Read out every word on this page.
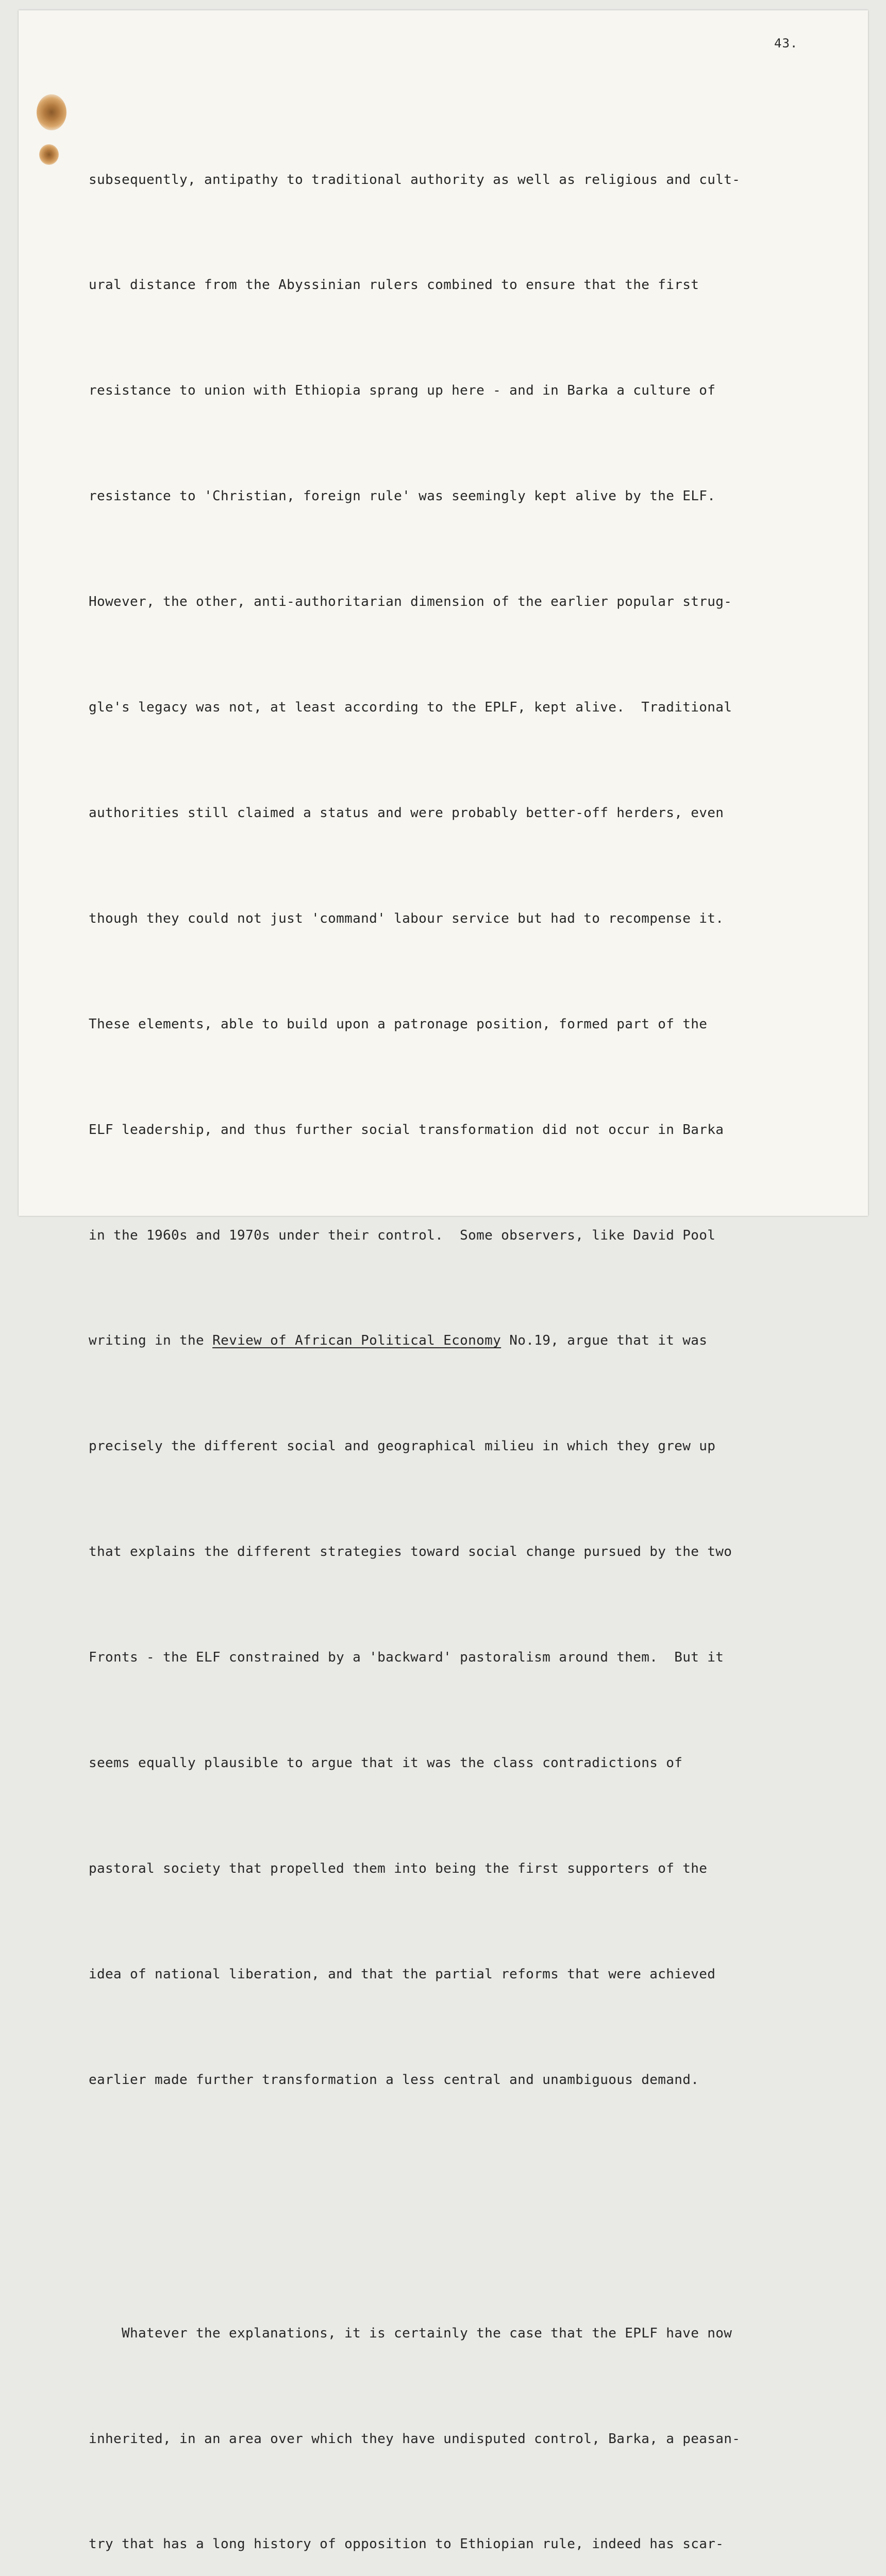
43.

subsequently, antipathy to traditional authority as well as religious and cult-

ural distance from the Abyssinian rulers combined to ensure that the first

resistance to union with Ethiopia sprang up here - and in Barka a culture of

resistance to 'Christian, foreign rule' was seemingly kept alive by the ELF.

However, the other, anti-authoritarian dimension of the earlier popular strug-

gle's legacy was not, at least according to the EPLF, kept alive.  Traditional

authorities still claimed a status and were probably better-off herders, even

though they could not just 'command' labour service but had to recompense it.

These elements, able to build upon a patronage position, formed part of the

ELF leadership, and thus further social transformation did not occur in Barka

in the 1960s and 1970s under their control.  Some observers, like David Pool

writing in the Review of African Political Economy No.19, argue that it was

precisely the different social and geographical milieu in which they grew up

that explains the different strategies toward social change pursued by the two

Fronts - the ELF constrained by a 'backward' pastoralism around them.  But it

seems equally plausible to argue that it was the class contradictions of

pastoral society that propelled them into being the first supporters of the

idea of national liberation, and that the partial reforms that were achieved

earlier made further transformation a less central and unambiguous demand.

Whatever the explanations, it is certainly the case that the EPLF have now

inherited, in an area over which they have undisputed control, Barka, a peasan-

try that has a long history of opposition to Ethiopian rule, indeed has scar-
